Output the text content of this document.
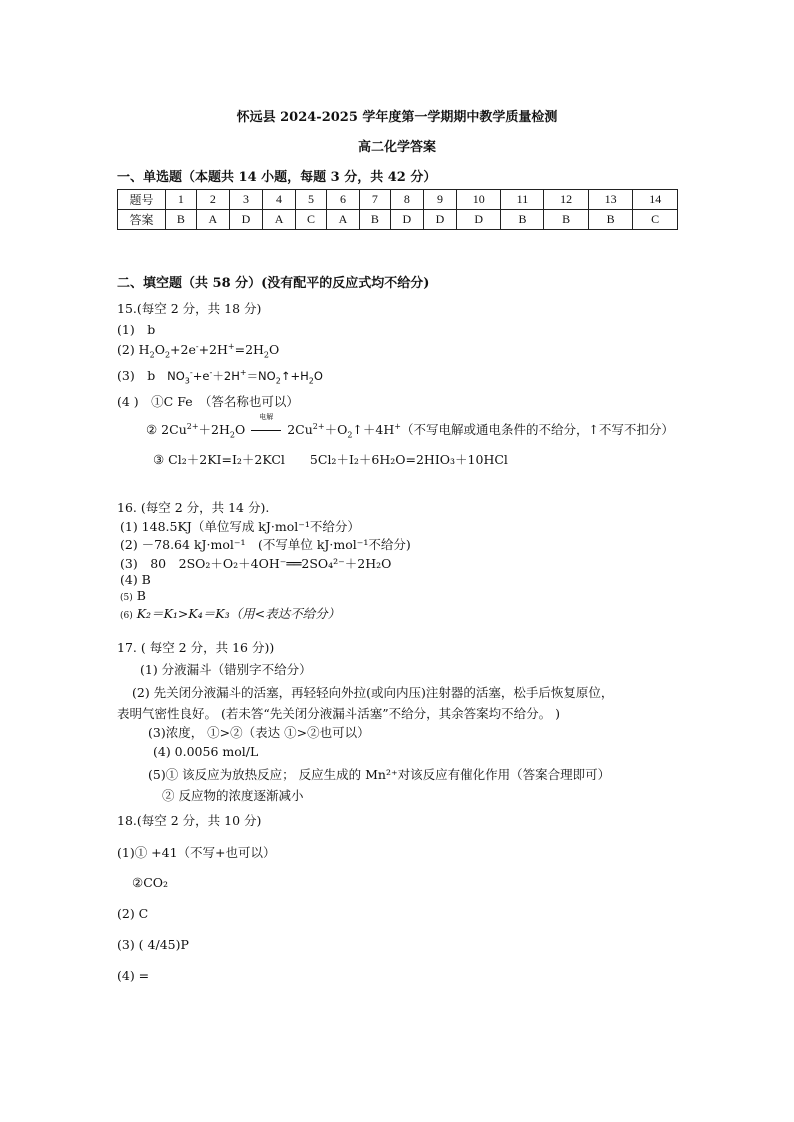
怀远县 2024-2025 学年度第一学期期中教学质量检测
高二化学答案
一、单选题（本题共 14 小题，每题 3 分，共 42 分）
题号	1	2	3	4	5	6	7	8	9	10	11	12	13	14
答案	B	A	D	A	C	A	B	D	D	D	B	B	B	C
二、填空题（共 58 分）(没有配平的反应式均不给分)
15.(每空 2 分，共 18 分)
(1)　b
(2) $H_2O_2+2e^-+2H^+=2H_2O$
(3)　b $NO_3^-+e^-+2H^+=NO_2↑+H_2O$
(4 )　①C Fe　（答名称也可以）
② $2Cu^{2+}+2H_2O$
电解
$2Cu^{2+}+O_2↑+4H^+$（不写电解或通电条件的不给分，↑不写不扣分）
③ Cl₂＋2KI=I₂＋2KCl　　5Cl₂＋I₂＋6H₂O=2HIO₃＋10HCl
16. (每空 2 分，共 14 分).
(1) 148.5KJ（单位写成 kJ·mol⁻¹不给分）
(2) －78.64 kJ·mol⁻¹　(不写单位 kJ·mol⁻¹不给分)
(3)　80　2SO₂＋O₂＋4OH⁻══2SO₄²⁻＋2H₂O
(4) B
(5) B
(6) K₂＝K₁>K₄＝K₃（用<表达不给分）
17. ( 每空 2 分，共 16 分))
(1) 分液漏斗（错别字不给分）
(2) 先关闭分液漏斗的活塞，再轻轻向外拉(或向内压)注射器的活塞，松手后恢复原位，
表明气密性良好。 (若未答“先关闭分液漏斗活塞”不给分，其余答案均不给分。 )
(3)浓度， ①>②（表达 ①>②也可以）
(4) 0.0056 mol/L
(5)① 该反应为放热反应； 反应生成的 Mn²⁺对该反应有催化作用（答案合理即可）
② 反应物的浓度逐渐减小
18.(每空 2 分，共 10 分)
(1)① +41（不写+也可以）
②CO₂
(2) C
(3) ( 4/45)P
(4) =
